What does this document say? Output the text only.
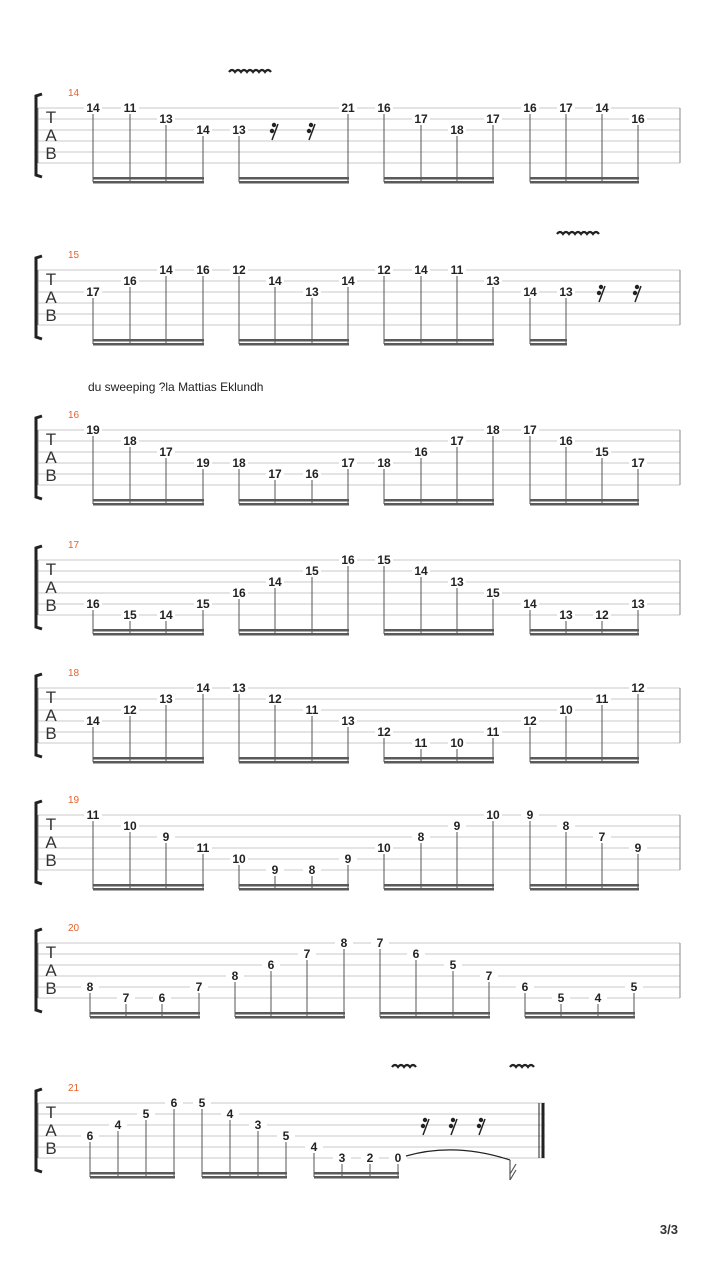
T
A
B
14
14 11
13
14 13
21 16
17
18
17
16 17 14
16
T
A
B
15
17
16
14 16 12
14
13
14
12 14 11
13
14 13
T
A
B
16
19
18
17
19 18
17 16
17 18
16
17
18 17
16
15
17
T
A
B
17
16
15 14
15
16
14
15
16 15
14
13
15
14
13 12
13
T
A
B
18
14
12
13
14 13
12
11
13
12
11 10
11
12
10
11
12
T
A
B
19
11
10
9
11
10
9	8
9
10
8
9
10 9
8
7
9
T
A
B
20
8
7 6
7
8
6
7
8 7
6
5
7
6
5	4
5
T
A
B
21
6
4
5
6 5
4
3
5
4
3 2 0
du sweeping ?la Mattias Eklundh
3/3
